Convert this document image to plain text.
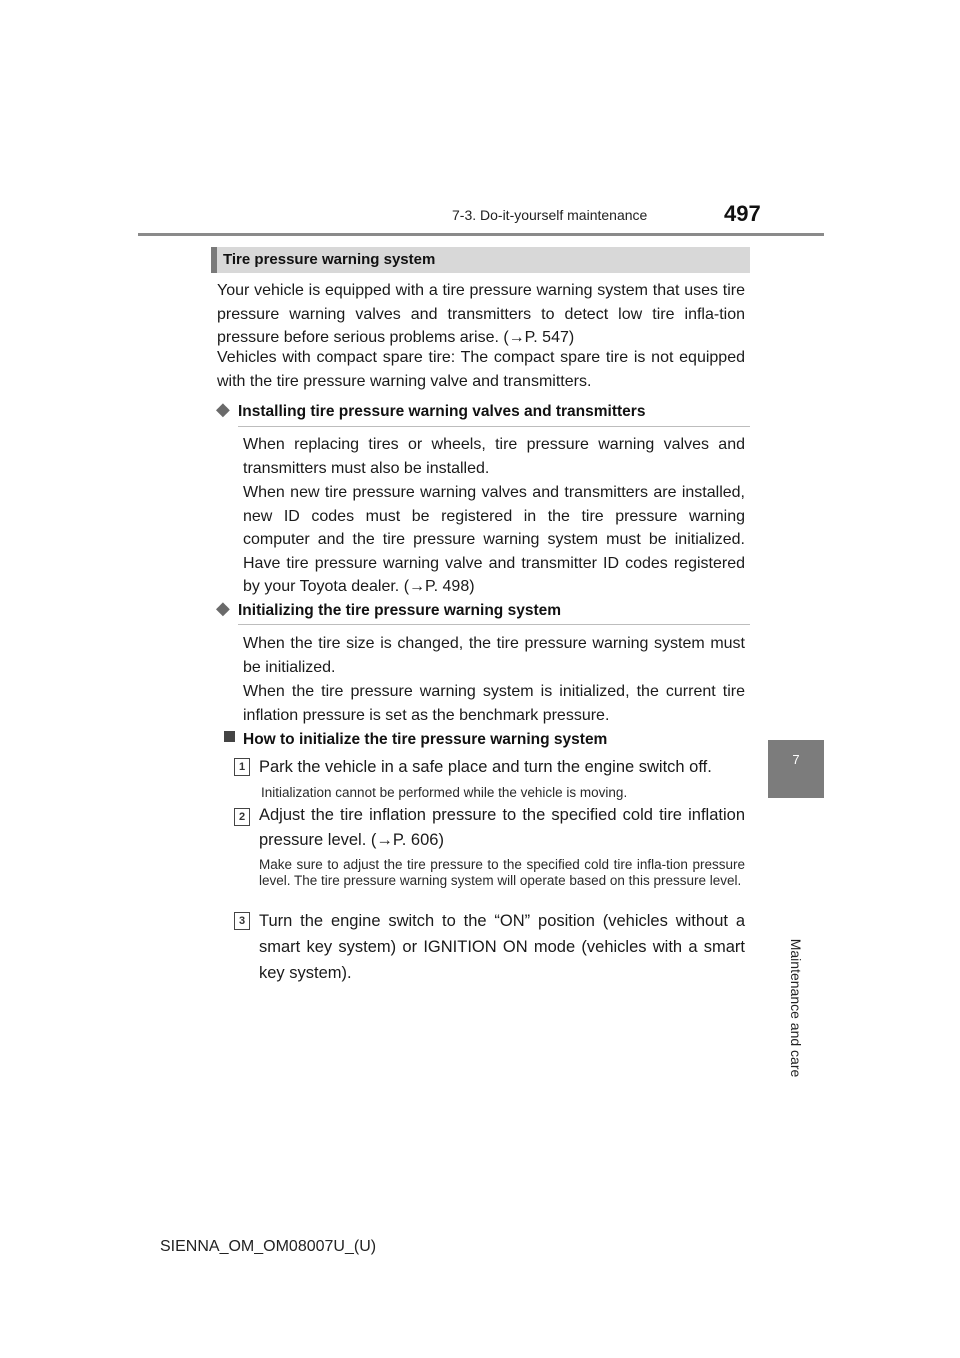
7-3. Do-it-yourself maintenance	497
7
Maintenance and care
Tire pressure warning system
Your vehicle is equipped with a tire pressure warning system that uses tire pressure warning valves and transmitters to detect low tire infla-tion pressure before serious problems arise. (→P. 547)
Vehicles with compact spare tire: The compact spare tire is not equipped with the tire pressure warning valve and transmitters.
◆ Installing tire pressure warning valves and transmitters
When replacing tires or wheels, tire pressure warning valves and transmitters must also be installed.
When new tire pressure warning valves and transmitters are installed, new ID codes must be registered in the tire pressure warning computer and the tire pressure warning system must be initialized. Have tire pressure warning valve and transmitter ID codes registered by your Toyota dealer. (→P. 498)
◆ Initializing the tire pressure warning system
When the tire size is changed, the tire pressure warning system must be initialized.
When the tire pressure warning system is initialized, the current tire inflation pressure is set as the benchmark pressure.
How to initialize the tire pressure warning system
1 Park the vehicle in a safe place and turn the engine switch off.
Initialization cannot be performed while the vehicle is moving.
2 Adjust the tire inflation pressure to the specified cold tire inflation pressure level. (→P. 606)
Make sure to adjust the tire pressure to the specified cold tire infla-tion pressure level. The tire pressure warning system will operate based on this pressure level.
3 Turn the engine switch to the “ON” position (vehicles without a smart key system) or IGNITION ON mode (vehicles with a smart key system).
SIENNA_OM_OM08007U_(U)
